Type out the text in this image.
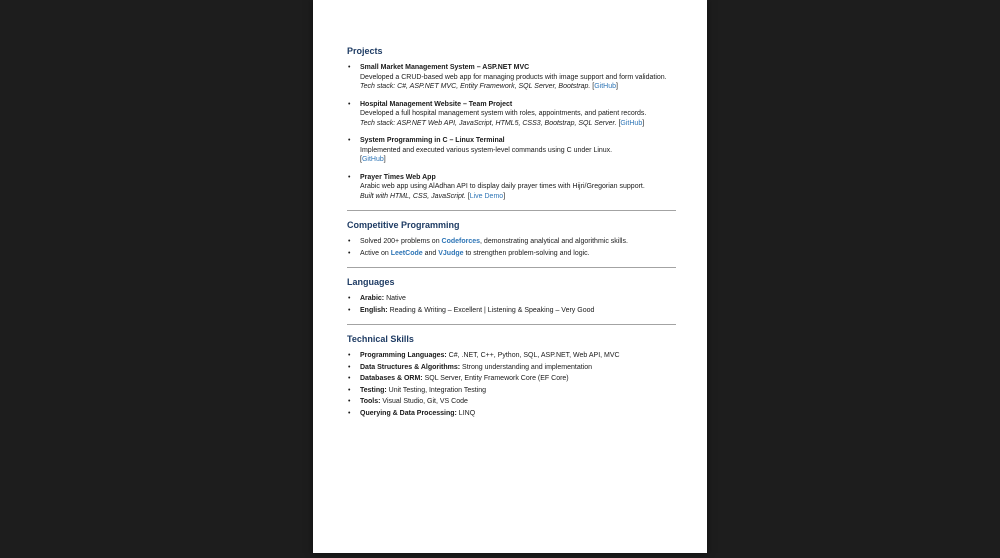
Projects
•	Small Market Management System – ASP.NET MVC
Developed a CRUD-based web app for managing products with image support and form validation.
Tech stack: C#, ASP.NET MVC, Entity Framework, SQL Server, Bootstrap. [GitHub]
•	Hospital Management Website – Team Project
Developed a full hospital management system with roles, appointments, and patient records.
Tech stack: ASP.NET Web API, JavaScript, HTML5, CSS3, Bootstrap, SQL Server. [GitHub]
•	System Programming in C – Linux Terminal
Implemented and executed various system-level commands using C under Linux.
[GitHub]
•	Prayer Times Web App
Arabic web app using AlAdhan API to display daily prayer times with Hijri/Gregorian support.
Built with HTML, CSS, JavaScript. [Live Demo]
Competitive Programming
•	Solved 200+ problems on Codeforces, demonstrating analytical and algorithmic skills.
•	Active on LeetCode and VJudge to strengthen problem-solving and logic.
Languages
•	Arabic: Native
•	English: Reading & Writing – Excellent | Listening & Speaking – Very Good
Technical Skills
•	Programming Languages: C#, .NET, C++, Python, SQL, ASP.NET, Web API, MVC
•	Data Structures & Algorithms: Strong understanding and implementation
•	Databases & ORM: SQL Server, Entity Framework Core (EF Core)
•	Testing: Unit Testing, Integration Testing
•	Tools: Visual Studio, Git, VS Code
•	Querying & Data Processing: LINQ
